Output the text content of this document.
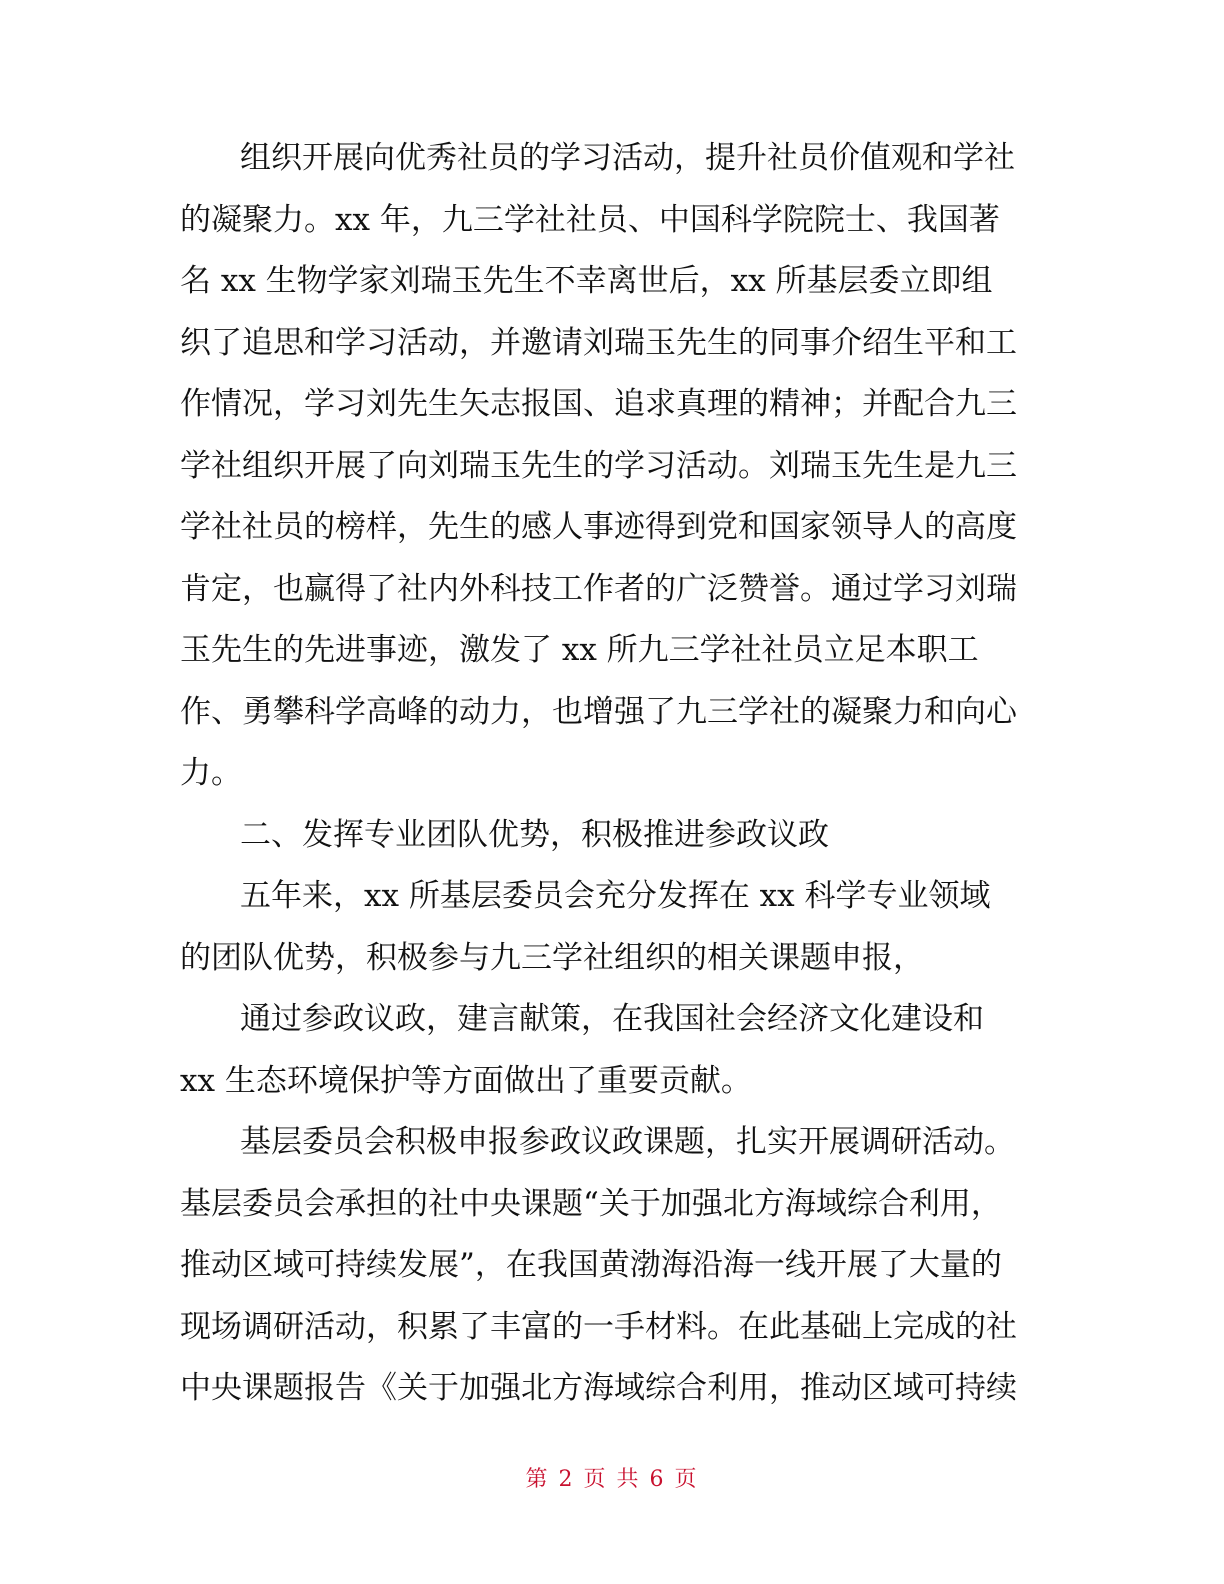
组织开展向优秀社员的学习活动，提升社员价值观和学社
的凝聚力。xx 年，九三学社社员、中国科学院院士、我国著
名 xx 生物学家刘瑞玉先生不幸离世后，xx 所基层委立即组
织了追思和学习活动，并邀请刘瑞玉先生的同事介绍生平和工
作情况，学习刘先生矢志报国、追求真理的精神；并配合九三
学社组织开展了向刘瑞玉先生的学习活动。刘瑞玉先生是九三
学社社员的榜样，先生的感人事迹得到党和国家领导人的高度
肯定，也赢得了社内外科技工作者的广泛赞誉。通过学习刘瑞
玉先生的先进事迹，激发了 xx 所九三学社社员立足本职工
作、勇攀科学高峰的动力，也增强了九三学社的凝聚力和向心
力。
二、发挥专业团队优势，积极推进参政议政
五年来，xx 所基层委员会充分发挥在 xx 科学专业领域
的团队优势，积极参与九三学社组织的相关课题申报，
通过参政议政，建言献策，在我国社会经济文化建设和
xx 生态环境保护等方面做出了重要贡献。
基层委员会积极申报参政议政课题，扎实开展调研活动。
基层委员会承担的社中央课题“关于加强北方海域综合利用，
推动区域可持续发展”，在我国黄渤海沿海一线开展了大量的
现场调研活动，积累了丰富的一手材料。在此基础上完成的社
中央课题报告《关于加强北方海域综合利用，推动区域可持续
第 2 页 共 6 页
